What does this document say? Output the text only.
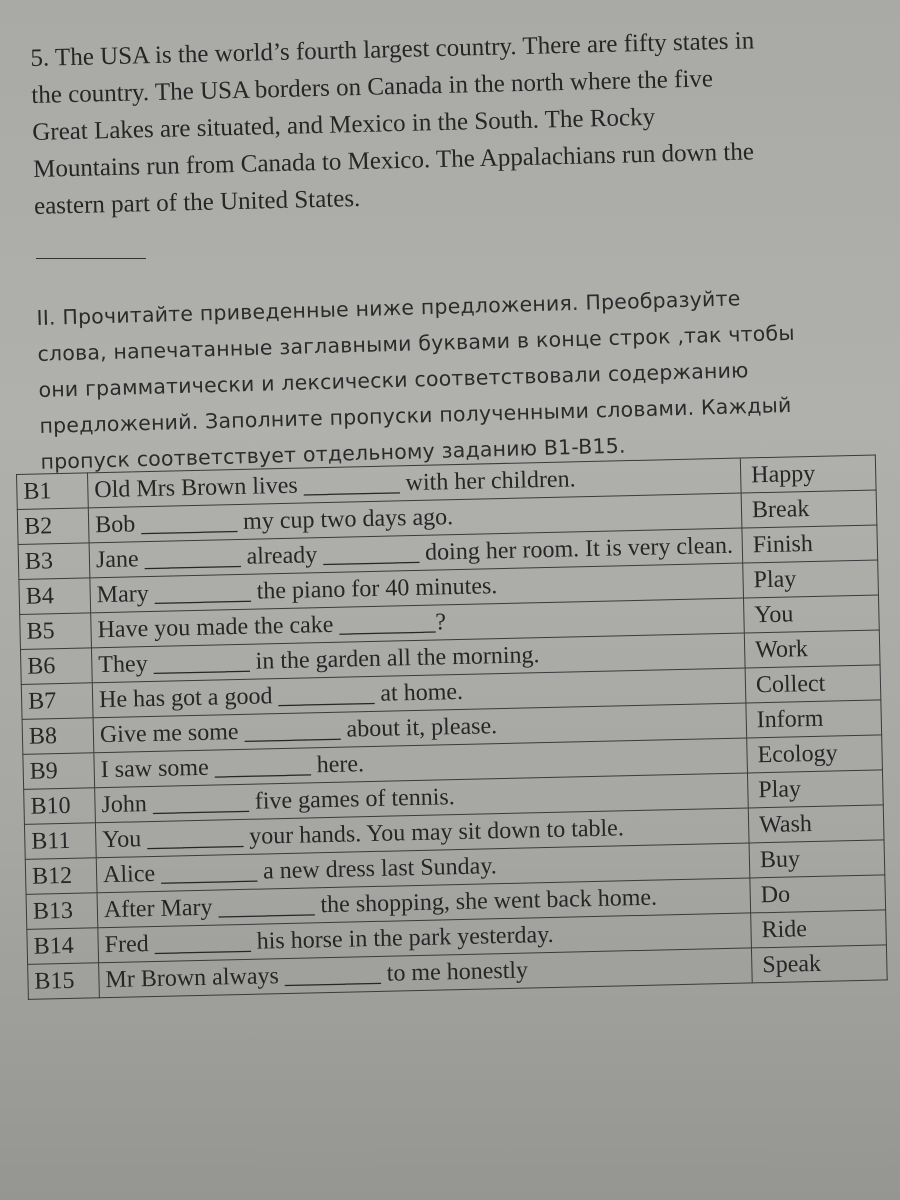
5. The USA is the world’s fourth largest country. There are fifty states in

the country. The USA borders on Canada in the north where the five

Great Lakes are situated, and Mexico in the South. The Rocky

Mountains run from Canada to Mexico. The Appalachians run down the

eastern part of the United States.

II. Прочитайте приведенные ниже предложения. Преобразуйте
слова, напечатанные заглавными буквами в конце строк ,так чтобы
они грамматически и лексически соответствовали содержанию
предложений. Заполните пропуски полученными словами. Каждый
пропуск соответствует отдельному заданию B1-B15.
B1	Old Mrs Brown lives ________ with her children.	Happy
B2	Bob ________ my cup two days ago.	Break
B3	Jane ________ already ________ doing her room. It is very clean.	Finish
B4	Mary ________ the piano for 40 minutes.	Play
B5	Have you made the cake ________?	You
B6	They ________ in the garden all the morning.	Work
B7	He has got a good ________ at home.	Collect
B8	Give me some ________ about it, please.	Inform
B9	I saw some ________ here.	Ecology
B10	John ________ five games of tennis.	Play
B11	You ________ your hands. You may sit down to table.	Wash
B12	Alice ________ a new dress last Sunday.	Buy
B13	After Mary ________ the shopping, she went back home.	Do
B14	Fred ________ his horse in the park yesterday.	Ride
B15	Mr Brown always ________ to me honestly	Speak
